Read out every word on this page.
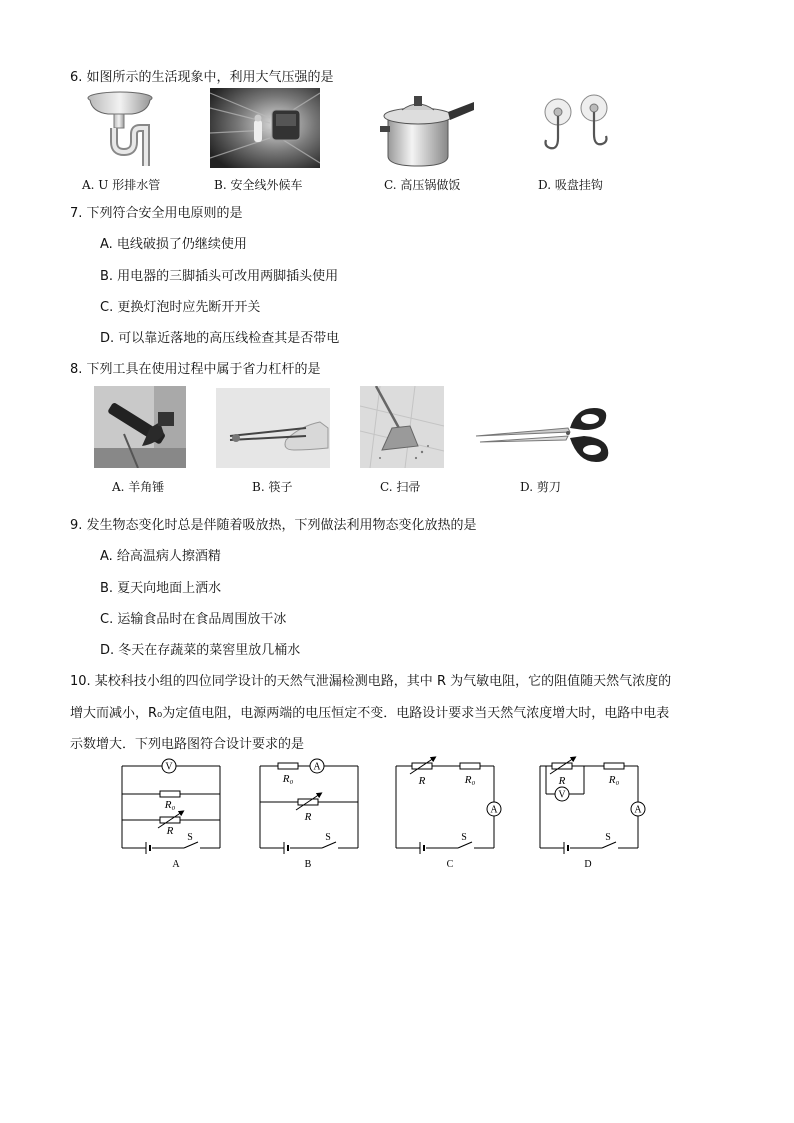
6. 如图所示的生活现象中，利用大气压强的是
A. U 形排水管	B. 安全线外候车	C. 高压锅做饭	D. 吸盘挂钩
7. 下列符合安全用电原则的是
A. 电线破损了仍继续使用
B. 用电器的三脚插头可改用两脚插头使用
C. 更换灯泡时应先断开开关
D. 可以靠近落地的高压线检查其是否带电
8. 下列工具在使用过程中属于省力杠杆的是
A. 羊角锤	B. 筷子	C. 扫帚	D. 剪刀
9. 发生物态变化时总是伴随着吸放热，下列做法利用物态变化放热的是
A. 给高温病人擦酒精
B. 夏天向地面上洒水
C. 运输食品时在食品周围放干冰
D. 冬天在存蔬菜的菜窖里放几桶水
10. 某校科技小组的四位同学设计的天然气泄漏检测电路，其中 R 为气敏电阻，它的阻值随天然气浓度的
增大而减小，R₀为定值电阻，电源两端的电压恒定不变．电路设计要求当天然气浓度增大时，电路中电表
示数增大．下列电路图符合设计要求的是
V	A
A
V
A
R₀
R
R₀
R
R	R₀	R	R₀
S	S	S	S
A	B	C	D
